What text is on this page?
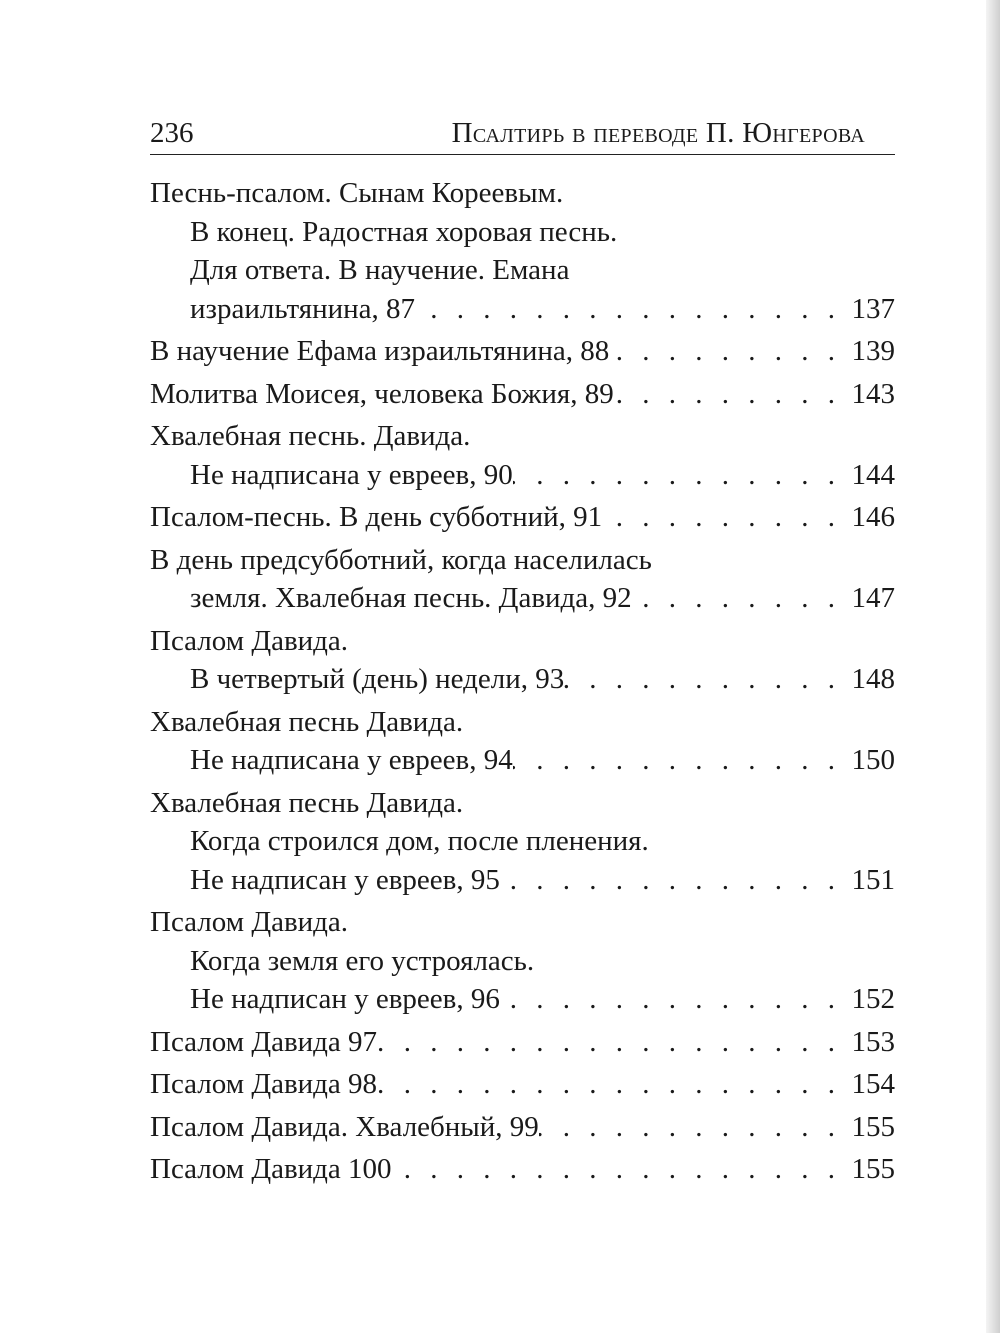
236	Псалтирь в переводе П. Юнгерова
Песнь-псалом. Сынам Кореевым.
В конец. Радостная хоровая песнь.
Для ответа. В научение. Емана
израильтянина, 87 . . .	137
В научение Ефама израильтянина, 88 . . .	139
Молитва Моисея, человека Божия, 89 . . .	143
Хвалебная песнь. Давида.
Не надписана у евреев, 90 . . .	144
Псалом-песнь. В день субботний, 91 . . .	146
В день предсубботний, когда населилась
земля. Хвалебная песнь. Давида, 92 . . .	147
Псалом Давида.
В четвертый (день) недели, 93 . . .	148
Хвалебная песнь Давида.
Не надписана у евреев, 94 . . .	150
Хвалебная песнь Давида.
Когда строился дом, после пленения.
Не надписан у евреев, 95 . . .	151
Псалом Давида.
Когда земля его устроялась.
Не надписан у евреев, 96 . . .	152
Псалом Давида 97. . . .	153
Псалом Давида 98. . . .	154
Псалом Давида. Хвалебный, 99 . . .	155
Псалом Давида 100 . . .	155
